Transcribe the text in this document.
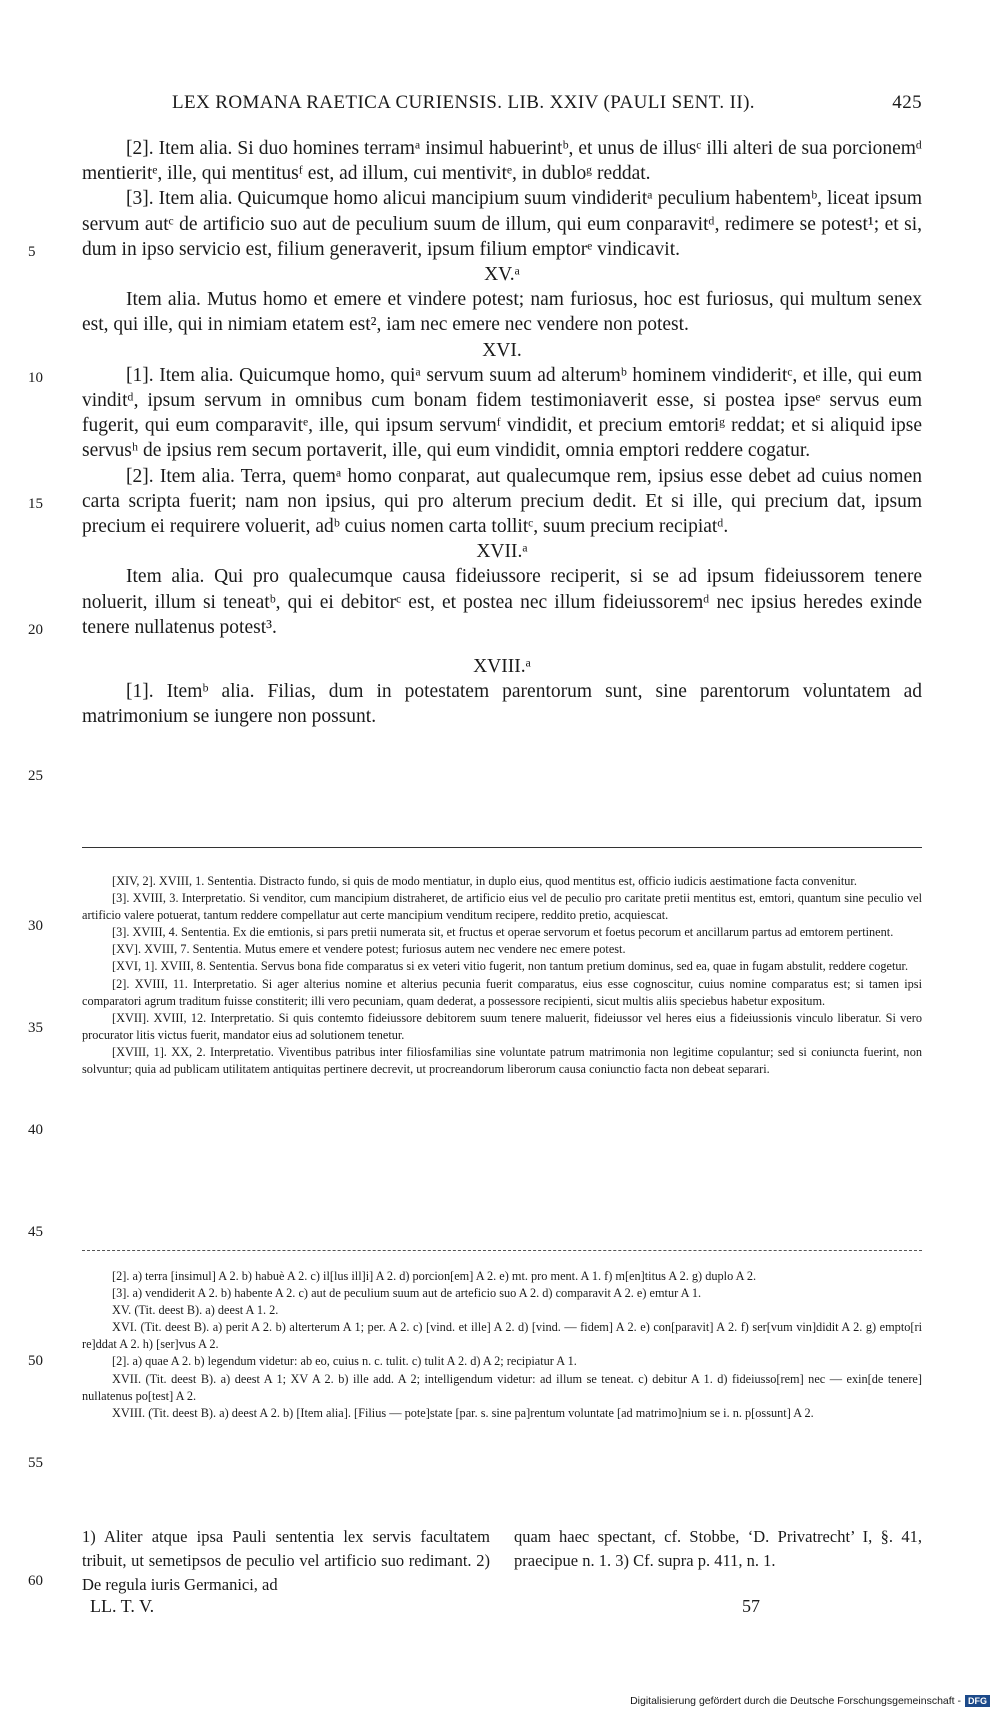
LEX ROMANA RAETICA CURIENSIS. LIB. XXIV (PAULI SENT. II).	425

[2]. Item alia. Si duo homines terramᵃ insimul habuerintᵇ, et unus de illusᶜ illi alteri de sua porcionemᵈ mentieritᵉ, ille, qui mentitusᶠ est, ad illum, cui mentivitᵉ, in dubloᵍ reddat.

[3]. Item alia. Quicumque homo alicui mancipium suum vindideritᵃ peculium habentemᵇ, liceat ipsum servum autᶜ de artificio suo aut de peculium suum de illum, qui eum conparavitᵈ, redimere se potest¹; et si, dum in ipso servicio est, filium generaverit, ipsum filium emptorᵉ vindicavit.

XV.ᵃ

Item alia. Mutus homo et emere et vindere potest; nam furiosus, hoc est furiosus, qui multum senex est, qui ille, qui in nimiam etatem est², iam nec emere nec vendere non potest.

XVI.

[1]. Item alia. Quicumque homo, quiᵃ servum suum ad alterumᵇ hominem vindideritᶜ, et ille, qui eum vinditᵈ, ipsum servum in omnibus cum bonam fidem testimoniaverit esse, si postea ipseᵉ servus eum fugerit, qui eum comparavitᵉ, ille, qui ipsum servumᶠ vindidit, et precium emtoriᵍ reddat; et si aliquid ipse servusʰ de ipsius rem secum portaverit, ille, qui eum vindidit, omnia emptori reddere cogatur.

[2]. Item alia. Terra, quemᵃ homo conparat, aut qualecumque rem, ipsius esse debet ad cuius nomen carta scripta fuerit; nam non ipsius, qui pro alterum precium dedit. Et si ille, qui precium dat, ipsum precium ei requirere voluerit, adᵇ cuius nomen carta tollitᶜ, suum precium recipiatᵈ.

XVII.ᵃ

Item alia. Qui pro qualecumque causa fideiussore reciperit, si se ad ipsum fideiussorem tenere noluerit, illum si teneatᵇ, qui ei debitorᶜ est, et postea nec illum fideiussoremᵈ nec ipsius heredes exinde tenere nullatenus potest³.

XVIII.ᵃ

[1]. Itemᵇ alia. Filias, dum in potestatem parentorum sunt, sine parentorum voluntatem ad matrimonium se iungere non possunt.

5
10
15
20
25
30
35
40
45
50
55
60

[XIV, 2]. XVIII, 1. Sententia. Distracto fundo, si quis de modo mentiatur, in duplo eius, quod mentitus est, officio iudicis aestimatione facta convenitur.

[3]. XVIII, 3. Interpretatio. Si venditor, cum mancipium distraheret, de artificio eius vel de peculio pro caritate pretii mentitus est, emtori, quantum sine peculio vel artificio valere potuerat, tantum reddere compellatur aut certe mancipium venditum recipere, reddito pretio, acquiescat.

[3]. XVIII, 4. Sententia. Ex die emtionis, si pars pretii numerata sit, et fructus et operae servorum et foetus pecorum et ancillarum partus ad emtorem pertinent.

[XV]. XVIII, 7. Sententia. Mutus emere et vendere potest; furiosus autem nec vendere nec emere potest.

[XVI, 1]. XVIII, 8. Sententia. Servus bona fide comparatus si ex veteri vitio fugerit, non tantum pretium dominus, sed ea, quae in fugam abstulit, reddere cogetur.

[2]. XVIII, 11. Interpretatio. Si ager alterius nomine et alterius pecunia fuerit comparatus, eius esse cognoscitur, cuius nomine comparatus est; si tamen ipsi comparatori agrum traditum fuisse constiterit; illi vero pecuniam, quam dederat, a possessore recipienti, sicut multis aliis speciebus habetur expositum.

[XVII]. XVIII, 12. Interpretatio. Si quis contemto fideiussore debitorem suum tenere maluerit, fideiussor vel heres eius a fideiussionis vinculo liberatur. Si vero procurator litis victus fuerit, mandator eius ad solutionem tenetur.

[XVIII, 1]. XX, 2. Interpretatio. Viventibus patribus inter filiosfamilias sine voluntate patrum matrimonia non legitime copulantur; sed si coniuncta fuerint, non solvuntur; quia ad publicam utilitatem antiquitas pertinere decrevit, ut procreandorum liberorum causa coniunctio facta non debeat separari.

[2]. a) terra [insimul] A 2. b) habuè A 2. c) il[lus ill]i] A 2. d) porcion[em] A 2. e) mt. pro ment. A 1. f) m[en]titus A 2. g) duplo A 2.

[3]. a) vendiderit A 2. b) habente A 2. c) aut de peculium suum aut de arteficio suo A 2. d) comparavit A 2. e) emtur A 1.

XV. (Tit. deest B). a) deest A 1. 2.

XVI. (Tit. deest B). a) perit A 2. b) alterterum A 1; per. A 2. c) [vind. et ille] A 2. d) [vind. — fidem] A 2. e) con[paravit] A 2. f) ser[vum vin]didit A 2. g) empto[ri re]ddat A 2. h) [ser]vus A 2.

[2]. a) quae A 2. b) legendum videtur: ab eo, cuius n. c. tulit. c) tulit A 2. d) A 2; recipiatur A 1.

XVII. (Tit. deest B). a) deest A 1; XV A 2. b) ille add. A 2; intelligendum videtur: ad illum se teneat. c) debitur A 1. d) fideiusso[rem] nec — exin[de tenere] nullatenus po[test] A 2.

XVIII. (Tit. deest B). a) deest A 2. b) [Item alia]. [Filius — pote]state [par. s. sine pa]rentum voluntate [ad matrimo]nium se i. n. p[ossunt] A 2.

1) Aliter atque ipsa Pauli sententia lex servis facultatem tribuit, ut semetipsos de peculio vel artificio suo redimant. 2) De regula iuris Germanici, ad
quam haec spectant, cf. Stobbe, ‘D. Privatrecht’ I, §. 41, praecipue n. 1. 3) Cf. supra p. 411, n. 1.
LL. T. V.	57
Digitalisierung gefördert durch die Deutsche Forschungsgemeinschaft - DFG
